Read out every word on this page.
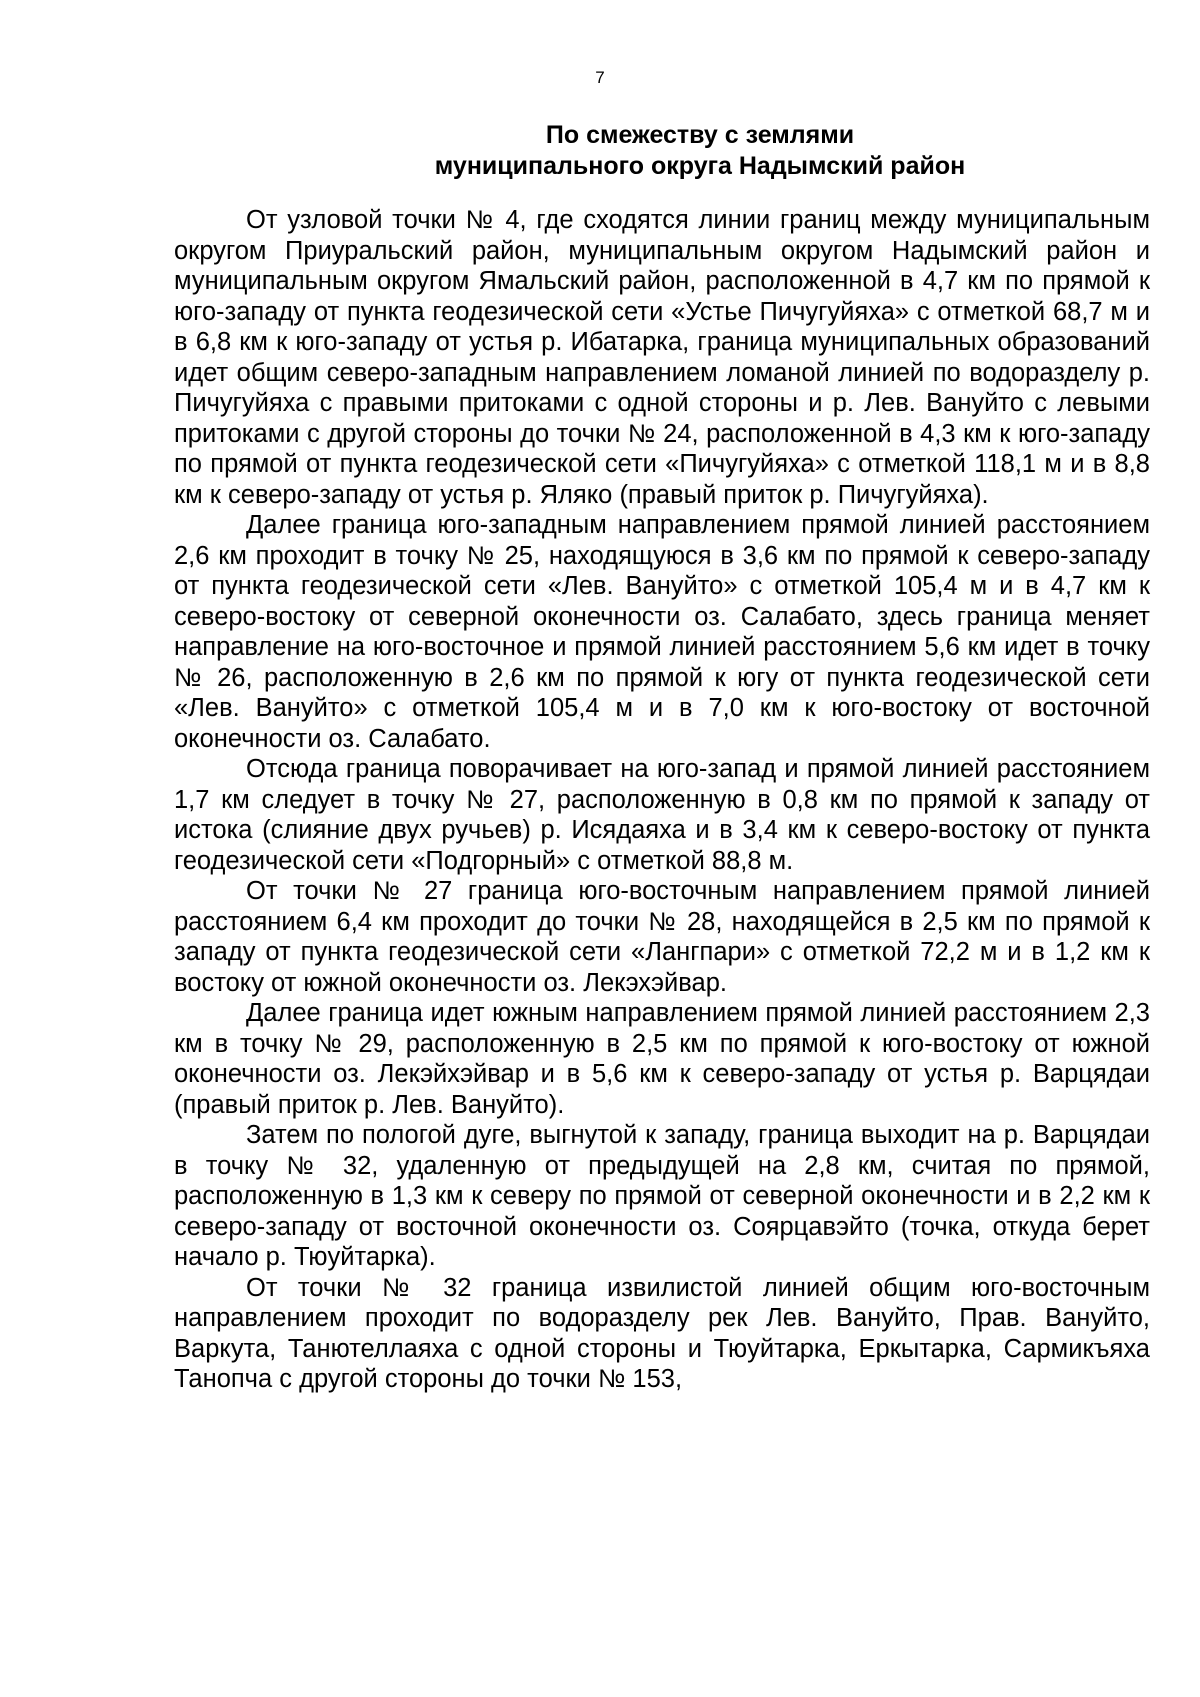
7
По смежеству с землями
муниципального округа Надымский район

От узловой точки № 4, где сходятся линии границ между муниципальным округом Приуральский район, муниципальным округом Надымский район и муниципальным округом Ямальский район, расположенной в 4,7 км по прямой к юго-западу от пункта геодезической сети «Устье Пичугуйяха» с отметкой 68,7 м и в 6,8 км к юго-западу от устья р. Ибатарка, граница муниципальных образований идет общим северо-западным направлением ломаной линией по водоразделу р. Пичугуйяха с правыми притоками с одной стороны и р. Лев. Вануйто с левыми притоками с другой стороны до точки № 24, расположенной в 4,3 км к юго-западу по прямой от пункта геодезической сети «Пичугуйяха» с отметкой 118,1 м и в 8,8 км к северо-западу от устья р. Яляко (правый приток р. Пичугуйяха).

Далее граница юго-западным направлением прямой линией расстоянием 2,6 км проходит в точку № 25, находящуюся в 3,6 км по прямой к северо-западу от пункта геодезической сети «Лев. Вануйто» с отметкой 105,4 м и в 4,7 км к северо-востоку от северной оконечности оз. Салабато, здесь граница меняет направление на юго-восточное и прямой линией расстоянием 5,6 км идет в точку № 26, расположенную в 2,6 км по прямой к югу от пункта геодезической сети «Лев. Вануйто» с отметкой 105,4 м и в 7,0 км к юго-востоку от восточной оконечности оз. Салабато.

Отсюда граница поворачивает на юго-запад и прямой линией расстоянием 1,7 км следует в точку № 27, расположенную в 0,8 км по прямой к западу от истока (слияние двух ручьев) р. Исядаяха и в 3,4 км к северо-востоку от пункта геодезической сети «Подгорный» с отметкой 88,8 м.

От точки № 27 граница юго-восточным направлением прямой линией расстоянием 6,4 км проходит до точки № 28, находящейся в 2,5 км по прямой к западу от пункта геодезической сети «Лангпари» с отметкой 72,2 м и в 1,2 км к востоку от южной оконечности оз. Лекэхэйвар.

Далее граница идет южным направлением прямой линией расстоянием 2,3 км в точку № 29, расположенную в 2,5 км по прямой к юго-востоку от южной оконечности оз. Лекэйхэйвар и в 5,6 км к северо-западу от устья р. Варцядаи (правый приток р. Лев. Вануйто).

Затем по пологой дуге, выгнутой к западу, граница выходит на р. Варцядаи в точку № 32, удаленную от предыдущей на 2,8 км, считая по прямой, расположенную в 1,3 км к северу по прямой от северной оконечности и в 2,2 км к северо-западу от восточной оконечности оз. Соярцавэйто (точка, откуда берет начало р. Тюуйтарка).

От точки № 32 граница извилистой линией общим юго-восточным направлением проходит по водоразделу рек Лев. Вануйто, Прав. Вануйто, Варкута, Танютеллаяха с одной стороны и Тюуйтарка, Еркытарка, Сармикъяха Танопча с другой стороны до точки № 153,
